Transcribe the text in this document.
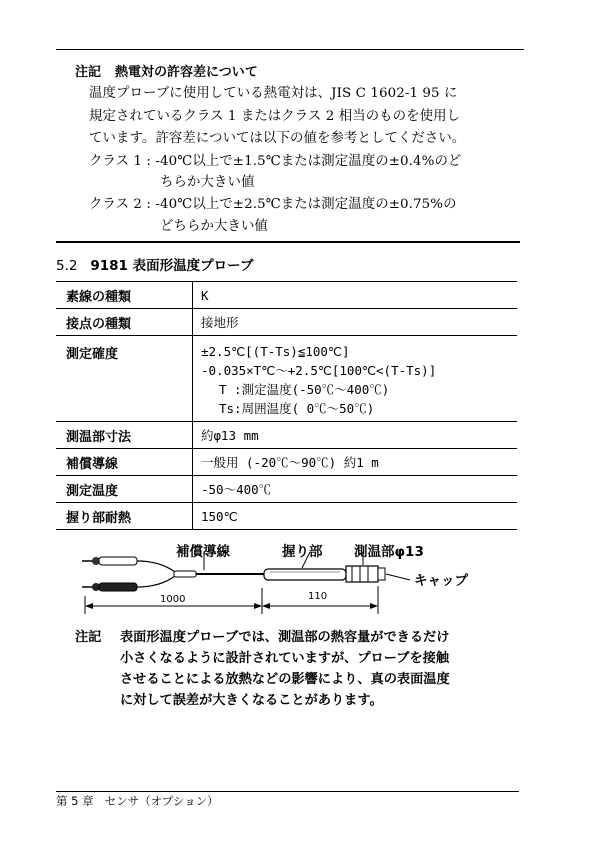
注記 熱電対の許容差について
温度プローブに使用している熱電対は、JIS C 1602-1 95 に
規定されているクラス 1 またはクラス 2 相当のものを使用し
ています。許容差については以下の値を参考としてください。
クラス 1 : -40℃以上で±1.5℃または測定温度の±0.4%のど
ちらか大きい値
クラス 2 : -40℃以上で±2.5℃または測定温度の±0.75%の
どちらか大きい値
5.2 9181 表面形温度プローブ
素線の種類	K
接点の種類	接地形
測定確度	±2.5℃[(T-Ts)≦100℃]
-0.035×T℃～+2.5℃[100℃<(T-Ts)]
T :測定温度(-50℃～400℃)
Ts:周囲温度( 0℃～50℃)

測温部寸法	約φ13 mm
補償導線	一般用 (-20℃～90℃) 約1 m
測定温度	-50～400℃
握り部耐熱	150℃
補償導線	握り部 測温部φ13
キャップ
1000	110
注記 表面形温度プローブでは、測温部の熱容量ができるだけ
小さくなるように設計されていますが、プローブを接触
させることによる放熱などの影響により、真の表面温度
に対して誤差が大きくなることがあります。
第 5 章 センサ（オプション）
